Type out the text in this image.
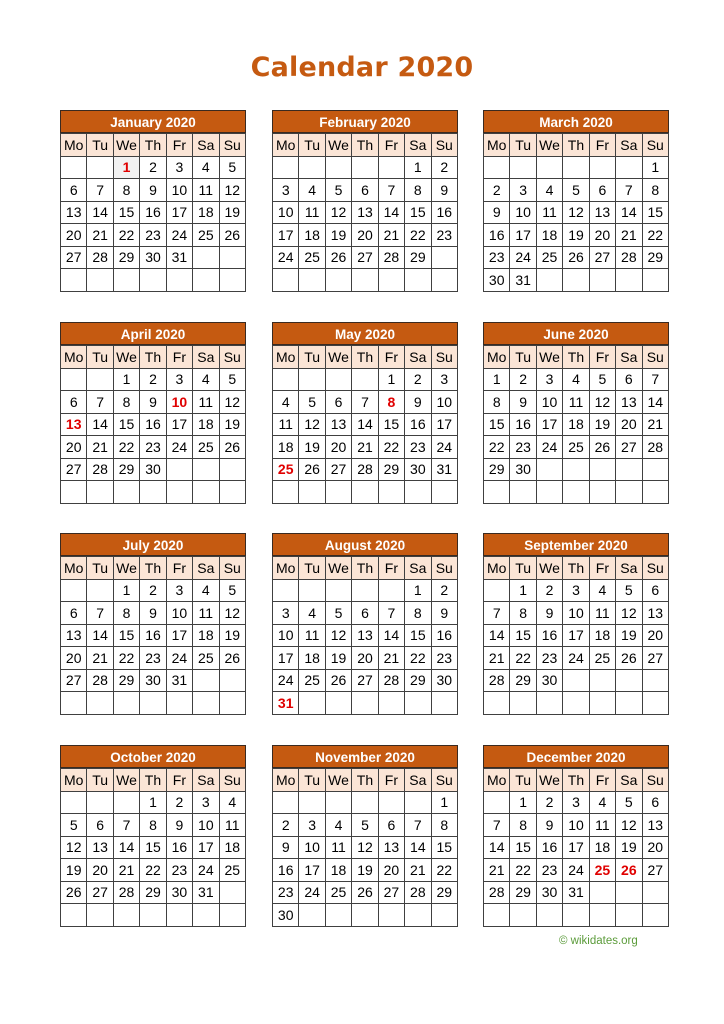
Calendar 2020
January 2020
Mo	Tu	We	Th	Fr	Sa	Su
		1	2	3	4	5
6	7	8	9	10	11	12
13	14	15	16	17	18	19
20	21	22	23	24	25	26
27	28	29	30	31		

February 2020
Mo	Tu	We	Th	Fr	Sa	Su
					1	2
3	4	5	6	7	8	9
10	11	12	13	14	15	16
17	18	19	20	21	22	23
24	25	26	27	28	29	

March 2020
Mo	Tu	We	Th	Fr	Sa	Su
						1
2	3	4	5	6	7	8
9	10	11	12	13	14	15
16	17	18	19	20	21	22
23	24	25	26	27	28	29
30	31					
April 2020
Mo	Tu	We	Th	Fr	Sa	Su
		1	2	3	4	5
6	7	8	9	10	11	12
13	14	15	16	17	18	19
20	21	22	23	24	25	26
27	28	29	30			

May 2020
Mo	Tu	We	Th	Fr	Sa	Su
				1	2	3
4	5	6	7	8	9	10
11	12	13	14	15	16	17
18	19	20	21	22	23	24
25	26	27	28	29	30	31

June 2020
Mo	Tu	We	Th	Fr	Sa	Su
1	2	3	4	5	6	7
8	9	10	11	12	13	14
15	16	17	18	19	20	21
22	23	24	25	26	27	28
29	30					

July 2020
Mo	Tu	We	Th	Fr	Sa	Su
		1	2	3	4	5
6	7	8	9	10	11	12
13	14	15	16	17	18	19
20	21	22	23	24	25	26
27	28	29	30	31		

August 2020
Mo	Tu	We	Th	Fr	Sa	Su
					1	2
3	4	5	6	7	8	9
10	11	12	13	14	15	16
17	18	19	20	21	22	23
24	25	26	27	28	29	30
31						
September 2020
Mo	Tu	We	Th	Fr	Sa	Su
	1	2	3	4	5	6
7	8	9	10	11	12	13
14	15	16	17	18	19	20
21	22	23	24	25	26	27
28	29	30				

October 2020
Mo	Tu	We	Th	Fr	Sa	Su
			1	2	3	4
5	6	7	8	9	10	11
12	13	14	15	16	17	18
19	20	21	22	23	24	25
26	27	28	29	30	31	

November 2020
Mo	Tu	We	Th	Fr	Sa	Su
						1
2	3	4	5	6	7	8
9	10	11	12	13	14	15
16	17	18	19	20	21	22
23	24	25	26	27	28	29
30						
December 2020
Mo	Tu	We	Th	Fr	Sa	Su
	1	2	3	4	5	6
7	8	9	10	11	12	13
14	15	16	17	18	19	20
21	22	23	24	25	26	27
28	29	30	31			

© wikidates.org
